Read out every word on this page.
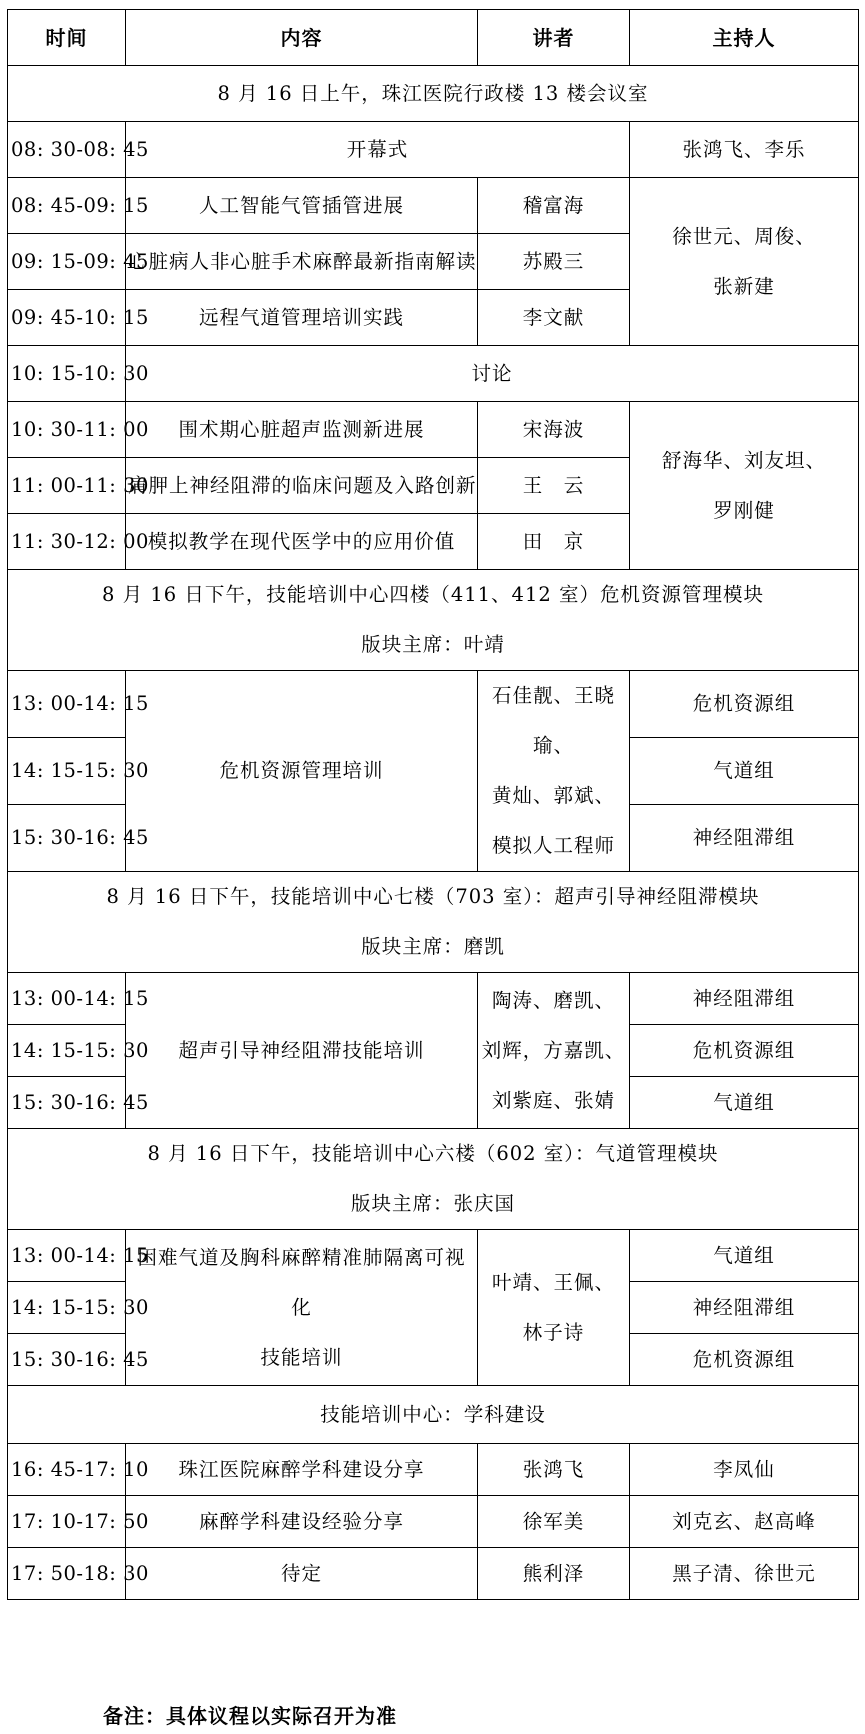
时间	内容	讲者	主持人
8 月 16 日上午，珠江医院行政楼 13 楼会议室			
08: 30-08: 45	开幕式		张鸿飞、李乐
08: 45-09: 15	人工智能气管插管进展	稽富海	徐世元、周俊、
张新建
09: 15-09: 45	心脏病人非心脏手术麻醉最新指南解读	苏殿三	
09: 45-10: 15	远程气道管理培训实践	李文献	
10: 15-10: 30	讨论		
10: 30-11: 00	围术期心脏超声监测新进展	宋海波	舒海华、刘友坦、
罗刚健
11: 00-11: 30	肩胛上神经阻滞的临床问题及入路创新	王　云	
11: 30-12: 00	模拟教学在现代医学中的应用价值	田　京	
8 月 16 日下午，技能培训中心四楼（411、412 室）危机资源管理模块
版块主席：叶靖			
13: 00-14: 15	危机资源管理培训	石佳靓、王晓瑜、
黄灿、郭斌、
模拟人工程师	危机资源组
14: 15-15: 30			气道组
15: 30-16: 45			神经阻滞组
8 月 16 日下午，技能培训中心七楼（703 室）：超声引导神经阻滞模块
版块主席：磨凯			
13: 00-14: 15	超声引导神经阻滞技能培训	陶涛、磨凯、
刘辉，方嘉凯、
刘紫庭、张婧	神经阻滞组
14: 15-15: 30			危机资源组
15: 30-16: 45			气道组
8 月 16 日下午，技能培训中心六楼（602 室）：气道管理模块
版块主席：张庆国			
13: 00-14: 15	困难气道及胸科麻醉精准肺隔离可视化
技能培训	叶靖、王佩、
林子诗	气道组
14: 15-15: 30			神经阻滞组
15: 30-16: 45			危机资源组
技能培训中心：学科建设			
16: 45-17: 10	珠江医院麻醉学科建设分享	张鸿飞	李凤仙
17: 10-17: 50	麻醉学科建设经验分享	徐军美	刘克玄、赵高峰
17: 50-18: 30	待定	熊利泽	黑子清、徐世元
备注：具体议程以实际召开为准
